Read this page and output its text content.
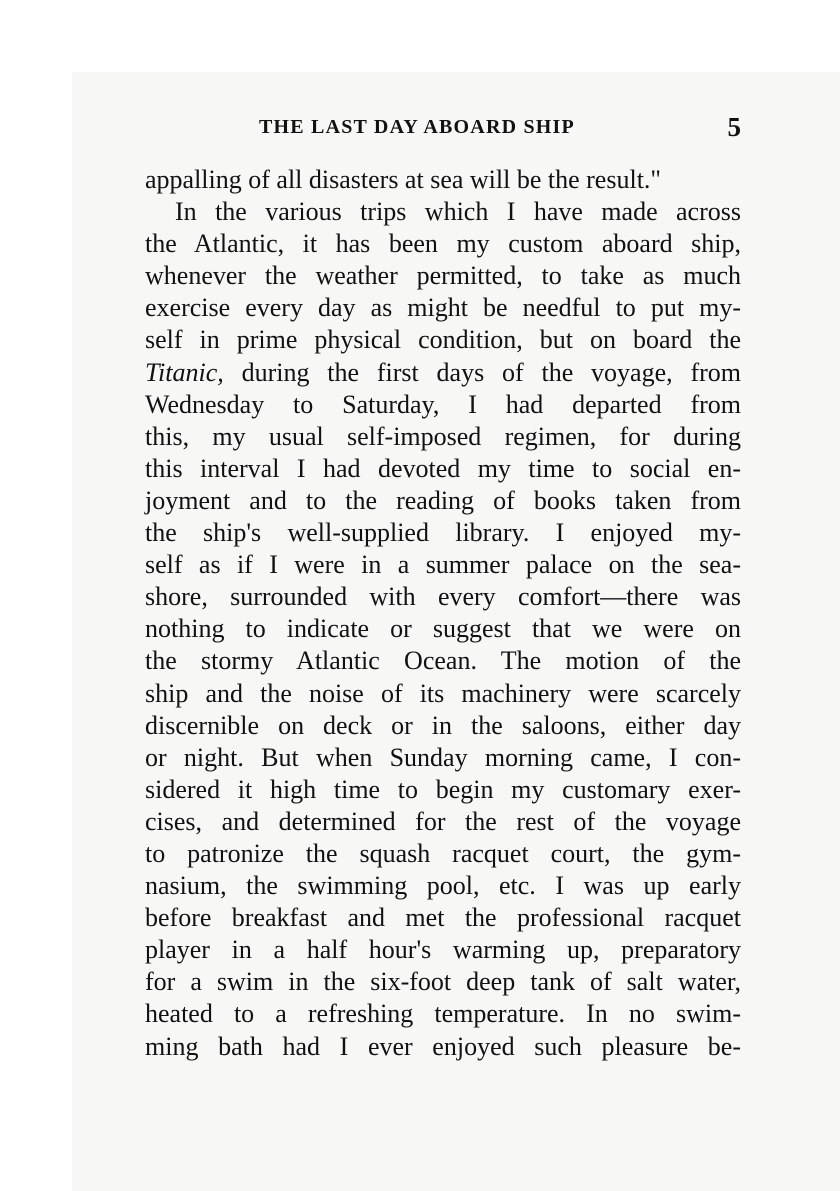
THE LAST DAY ABOARD SHIP	5
appalling of all disasters at sea will be the result."
In the various trips which I have made across
the Atlantic, it has been my custom aboard ship,
whenever the weather permitted, to take as much
exercise every day as might be needful to put my-
self in prime physical condition, but on board the
Titanic, during the first days of the voyage, from
Wednesday to Saturday, I had departed from
this, my usual self-imposed regimen, for during
this interval I had devoted my time to social en-
joyment and to the reading of books taken from
the ship's well-supplied library. I enjoyed my-
self as if I were in a summer palace on the sea-
shore, surrounded with every comfort—there was
nothing to indicate or suggest that we were on
the stormy Atlantic Ocean. The motion of the
ship and the noise of its machinery were scarcely
discernible on deck or in the saloons, either day
or night. But when Sunday morning came, I con-
sidered it high time to begin my customary exer-
cises, and determined for the rest of the voyage
to patronize the squash racquet court, the gym-
nasium, the swimming pool, etc. I was up early
before breakfast and met the professional racquet
player in a half hour's warming up, preparatory
for a swim in the six-foot deep tank of salt water,
heated to a refreshing temperature. In no swim-
ming bath had I ever enjoyed such pleasure be-
